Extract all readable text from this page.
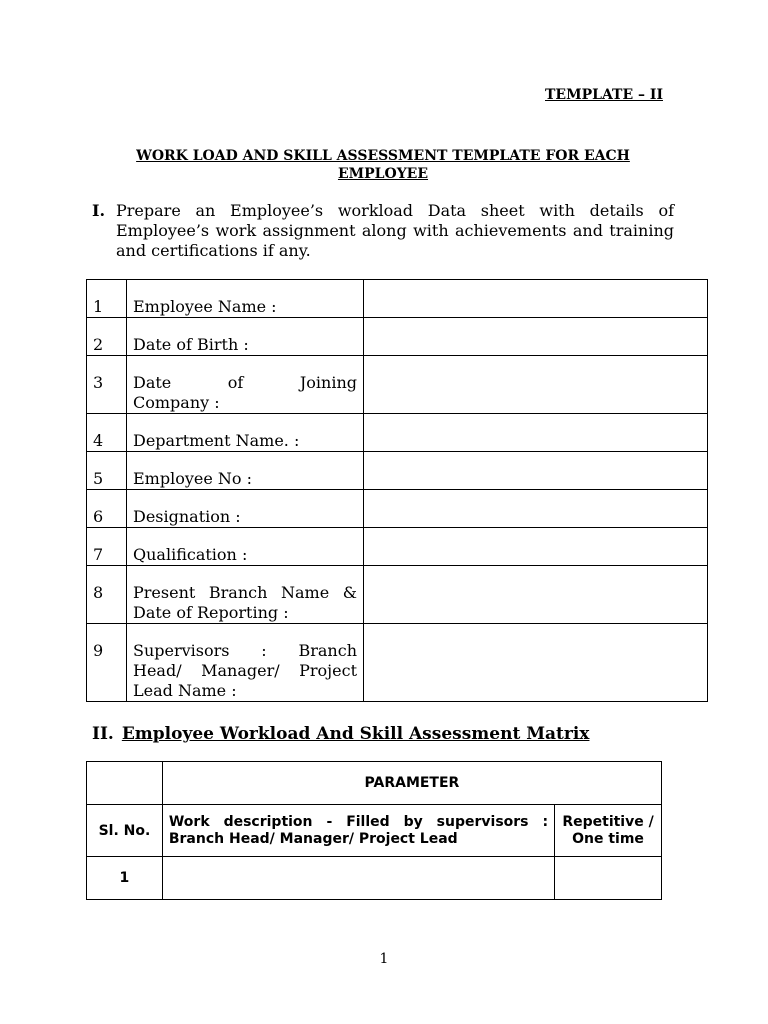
TEMPLATE – II
WORK LOAD AND SKILL ASSESSMENT TEMPLATE FOR EACH EMPLOYEE
I. Prepare an Employee’s workload Data sheet with details of Employee’s work assignment along with achievements and training and certifications if any.
1	Employee Name :	
2	Date of Birth :	
3	Date of Joining
Company :	

4	Department Name. :	
5	Employee No :	
6	Designation :	
7	Qualification :	
8	Present Branch Name & Date of Reporting :	
9	Supervisors : Branch Head/ Manager/ Project Lead Name :	
II. Employee Workload And Skill Assessment Matrix
	PARAMETER	
Sl. No.	Work description - Filled by supervisors : Branch Head/ Manager/ Project Lead	Repetitive / One time
1		
1
